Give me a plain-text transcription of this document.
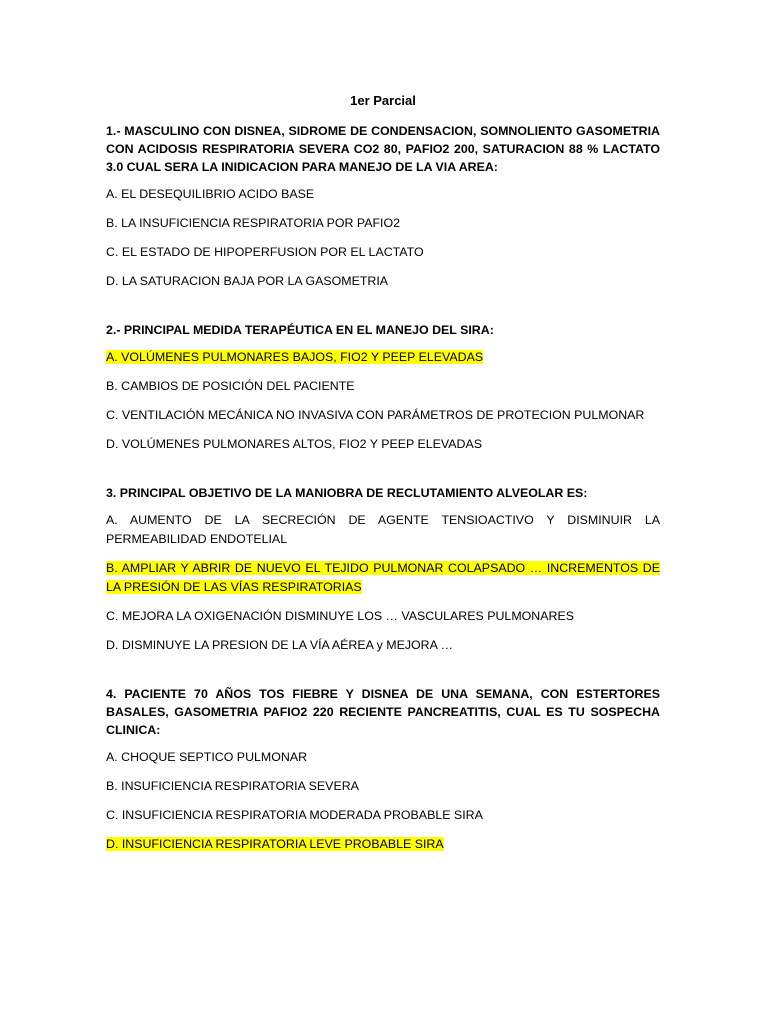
1er Parcial

1.- MASCULINO CON DISNEA, SIDROME DE CONDENSACION, SOMNOLIENTO GASOMETRIA CON ACIDOSIS RESPIRATORIA SEVERA CO2 80, PAFIO2 200, SATURACION 88 % LACTATO 3.0 CUAL SERA LA INIDICACION PARA MANEJO DE LA VIA AREA:

A. EL DESEQUILIBRIO ACIDO BASE

B. LA INSUFICIENCIA RESPIRATORIA POR PAFIO2

C. EL ESTADO DE HIPOPERFUSION POR EL LACTATO

D. LA SATURACION BAJA POR LA GASOMETRIA

2.- PRINCIPAL MEDIDA TERAPÉUTICA EN EL MANEJO DEL SIRA:

A. VOLÚMENES PULMONARES BAJOS, FIO2 Y PEEP ELEVADAS

B. CAMBIOS DE POSICIÓN DEL PACIENTE

C. VENTILACIÓN MECÁNICA NO INVASIVA CON PARÁMETROS DE PROTECION PULMONAR

D. VOLÚMENES PULMONARES ALTOS, FIO2 Y PEEP ELEVADAS

3. PRINCIPAL OBJETIVO DE LA MANIOBRA DE RECLUTAMIENTO ALVEOLAR ES:

A. AUMENTO DE LA SECRECIÓN DE AGENTE TENSIOACTIVO Y DISMINUIR LA PERMEABILIDAD ENDOTELIAL

B. AMPLIAR Y ABRIR DE NUEVO EL TEJIDO PULMONAR COLAPSADO … INCREMENTOS DE LA PRESIÓN DE LAS VÍAS RESPIRATORIAS

C. MEJORA LA OXIGENACIÓN DISMINUYE LOS … VASCULARES PULMONARES

D. DISMINUYE LA PRESION DE LA VÍA AÉREA y MEJORA …

4. PACIENTE 70 AÑOS TOS FIEBRE Y DISNEA DE UNA SEMANA, CON ESTERTORES BASALES, GASOMETRIA PAFIO2 220 RECIENTE PANCREATITIS, CUAL ES TU SOSPECHA CLINICA:

A. CHOQUE SEPTICO PULMONAR

B. INSUFICIENCIA RESPIRATORIA SEVERA

C. INSUFICIENCIA RESPIRATORIA MODERADA PROBABLE SIRA

D. INSUFICIENCIA RESPIRATORIA LEVE PROBABLE SIRA
